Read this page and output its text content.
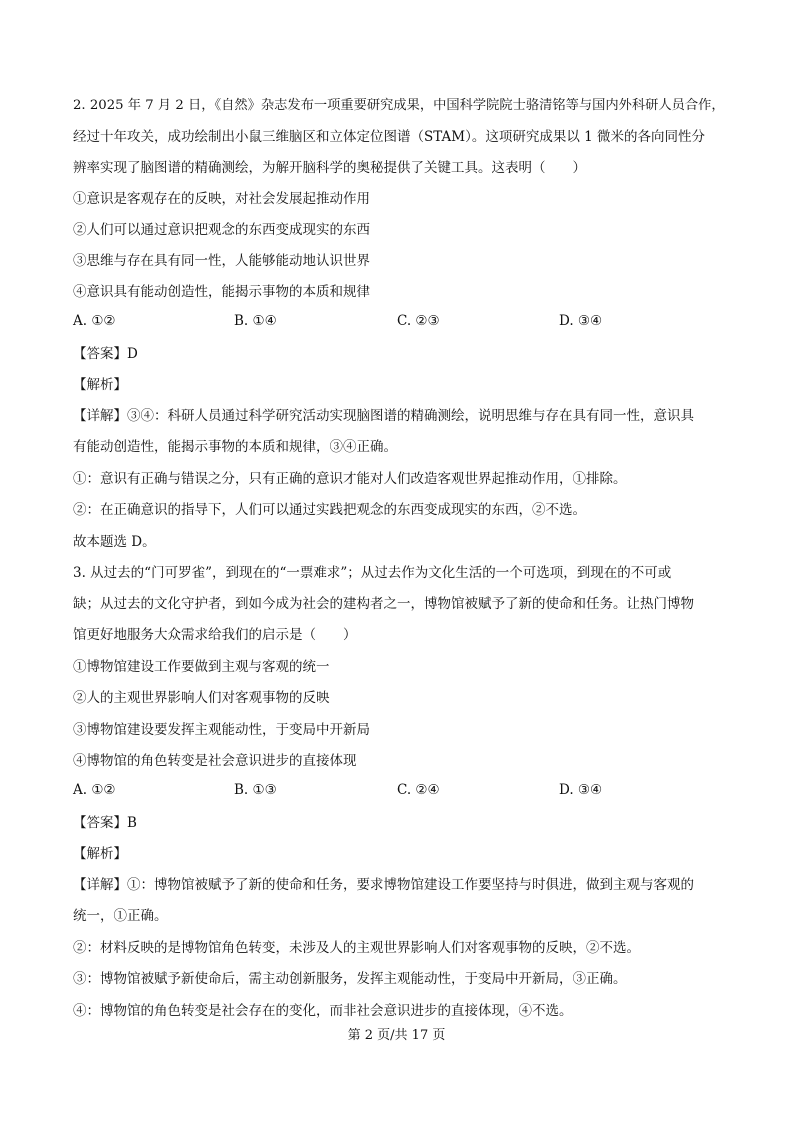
2. 2025 年 7 月 2 日，《自然》杂志发布一项重要研究成果，中国科学院院士骆清铭等与国内外科研人员合作，
经过十年攻关，成功绘制出小鼠三维脑区和立体定位图谱（STAM）。这项研究成果以 1 微米的各向同性分
辨率实现了脑图谱的精确测绘，为解开脑科学的奥秘提供了关键工具。这表明（　　）
①意识是客观存在的反映，对社会发展起推动作用
②人们可以通过意识把观念的东西变成现实的东西
③思维与存在具有同一性，人能够能动地认识世界
④意识具有能动创造性，能揭示事物的本质和规律
A. ①②	B. ①④	C. ②③	D. ③④
【答案】D
【解析】
【详解】③④：科研人员通过科学研究活动实现脑图谱的精确测绘，说明思维与存在具有同一性，意识具
有能动创造性，能揭示事物的本质和规律，③④正确。
①：意识有正确与错误之分，只有正确的意识才能对人们改造客观世界起推动作用，①排除。
②：在正确意识的指导下，人们可以通过实践把观念的东西变成现实的东西，②不选。
故本题选 D。
3. 从过去的“门可罗雀”，到现在的“一票难求”；从过去作为文化生活的一个可选项，到现在的不可或
缺；从过去的文化守护者，到如今成为社会的建构者之一，博物馆被赋予了新的使命和任务。让热门博物
馆更好地服务大众需求给我们的启示是（　　）
①博物馆建设工作要做到主观与客观的统一
②人的主观世界影响人们对客观事物的反映
③博物馆建设要发挥主观能动性，于变局中开新局
④博物馆的角色转变是社会意识进步的直接体现
A. ①②	B. ①③	C. ②④	D. ③④
【答案】B
【解析】
【详解】①：博物馆被赋予了新的使命和任务，要求博物馆建设工作要坚持与时俱进，做到主观与客观的
统一，①正确。
②：材料反映的是博物馆角色转变，未涉及人的主观世界影响人们对客观事物的反映，②不选。
③：博物馆被赋予新使命后，需主动创新服务，发挥主观能动性，于变局中开新局，③正确。
④：博物馆的角色转变是社会存在的变化，而非社会意识进步的直接体现，④不选。
第 2 页/共 17 页
